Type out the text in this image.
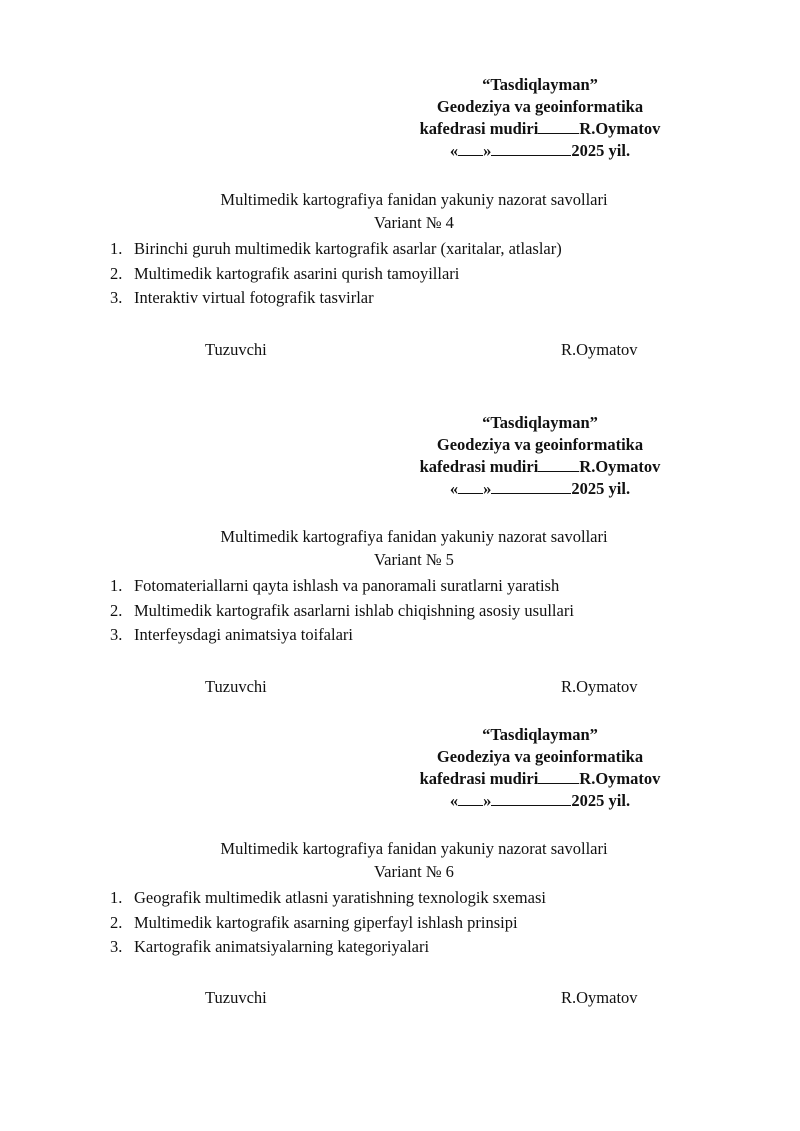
“Tasdiqlayman”
Geodeziya va geoinformatika
kafedrasi mudiri R.Oymatov
« »	2025 yil.
Multimedik kartografiya fanidan yakuniy nazorat savollari
Variant № 4
1. Birinchi guruh multimedik kartografik asarlar (xaritalar, atlaslar)
2. Multimedik kartografik asarini qurish tamoyillari
3. Interaktiv virtual fotografik tasvirlar
Tuzuvchi	R.Oymatov
“Tasdiqlayman”
Geodeziya va geoinformatika
kafedrasi mudiri R.Oymatov
« »	2025 yil.
Multimedik kartografiya fanidan yakuniy nazorat savollari
Variant № 5
1. Fotomateriallarni qayta ishlash va panoramali suratlarni yaratish
2. Multimedik kartografik asarlarni ishlab chiqishning asosiy usullari
3. Interfeysdagi animatsiya toifalari
Tuzuvchi	R.Oymatov
“Tasdiqlayman”
Geodeziya va geoinformatika
kafedrasi mudiri R.Oymatov
« »	2025 yil.
Multimedik kartografiya fanidan yakuniy nazorat savollari
Variant № 6
1. Geografik multimedik atlasni yaratishning texnologik sxemasi
2. Multimedik kartografik asarning giperfayl ishlash prinsipi
3. Kartografik animatsiyalarning kategoriyalari
Tuzuvchi	R.Oymatov
